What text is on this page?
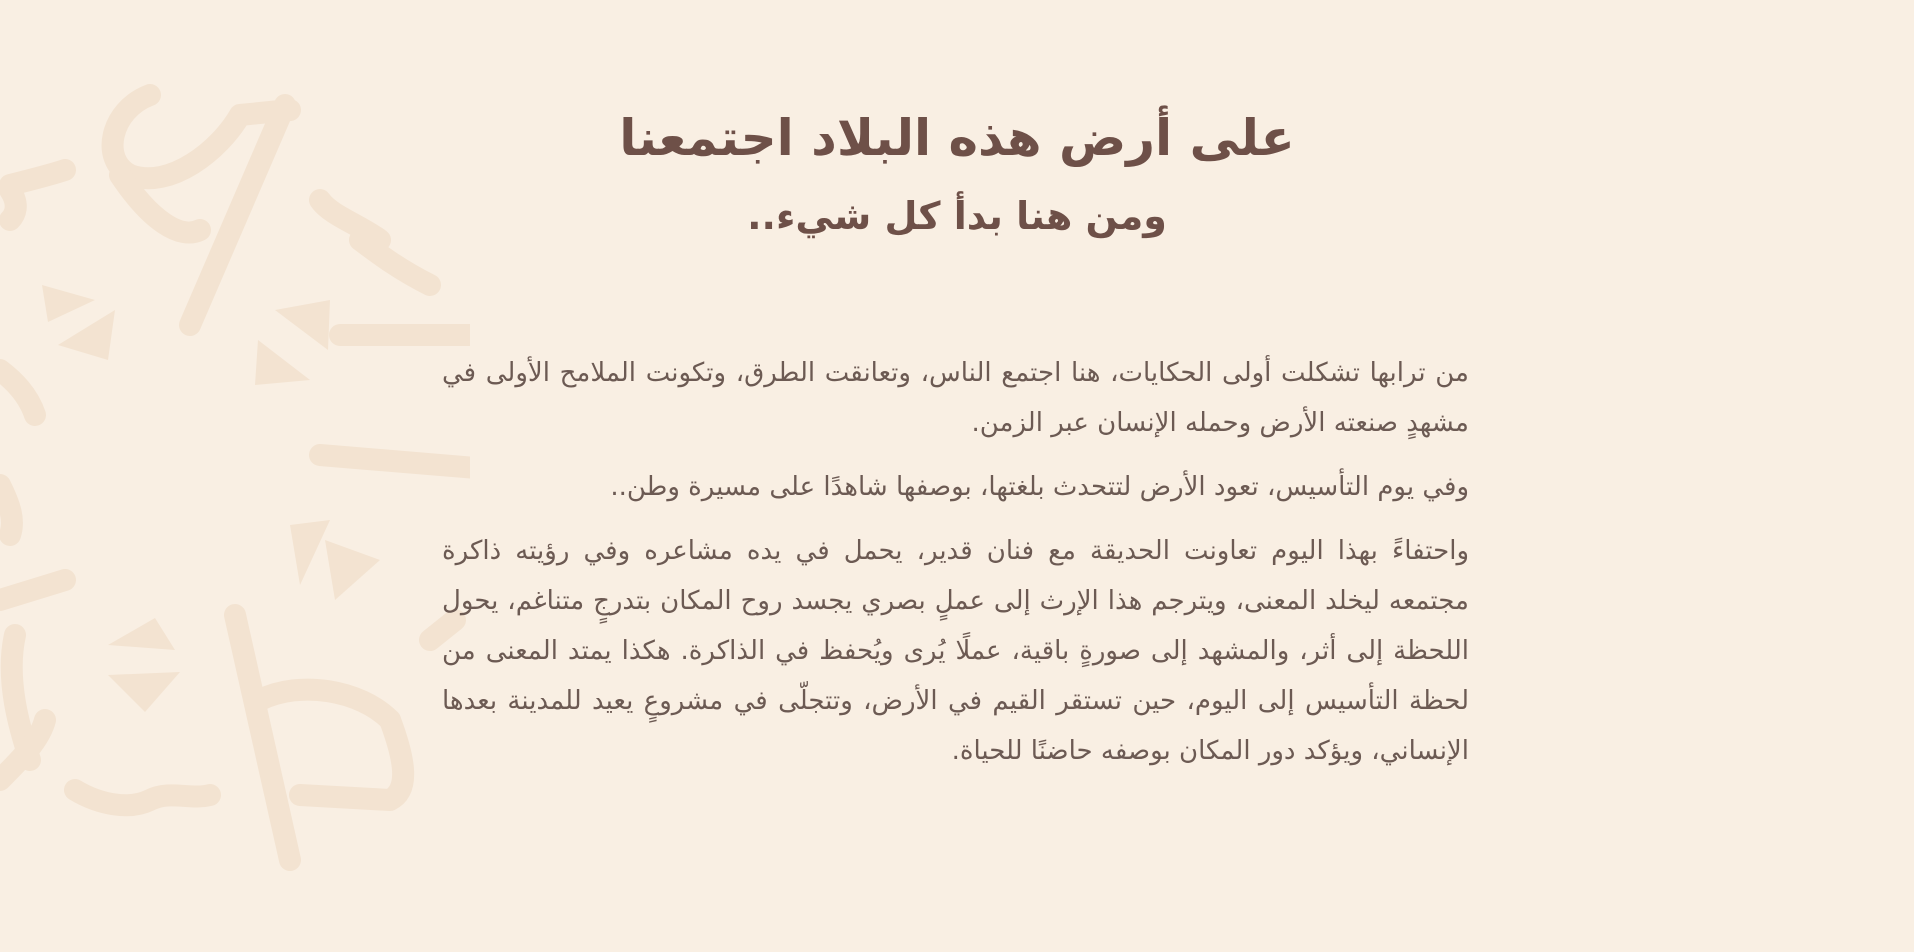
على أرض هذه البلاد اجتمعنا
ومن هنا بدأ كل شيء..

من ترابها تشكلت أولى الحكايات، هنا اجتمع الناس، وتعانقت الطرق، وتكونت الملامح الأولى في مشهدٍ صنعته الأرض وحمله الإنسان عبر الزمن.

وفي يوم التأسيس، تعود الأرض لتتحدث بلغتها، بوصفها شاهدًا على مسيرة وطن..

واحتفاءً بهذا اليوم تعاونت الحديقة مع فنان قدير، يحمل في يده مشاعره وفي رؤيته ذاكرة مجتمعه ليخلد المعنى، ويترجم هذا الإرث إلى عملٍ بصري يجسد روح المكان بتدرجٍ متناغم، يحول اللحظة إلى أثر، والمشهد إلى صورةٍ باقية، عملًا يُرى ويُحفظ في الذاكرة. هكذا يمتد المعنى من لحظة التأسيس إلى اليوم، حين تستقر القيم في الأرض، وتتجلّى في مشروعٍ يعيد للمدينة بعدها الإنساني، ويؤكد دور المكان بوصفه حاضنًا للحياة.
